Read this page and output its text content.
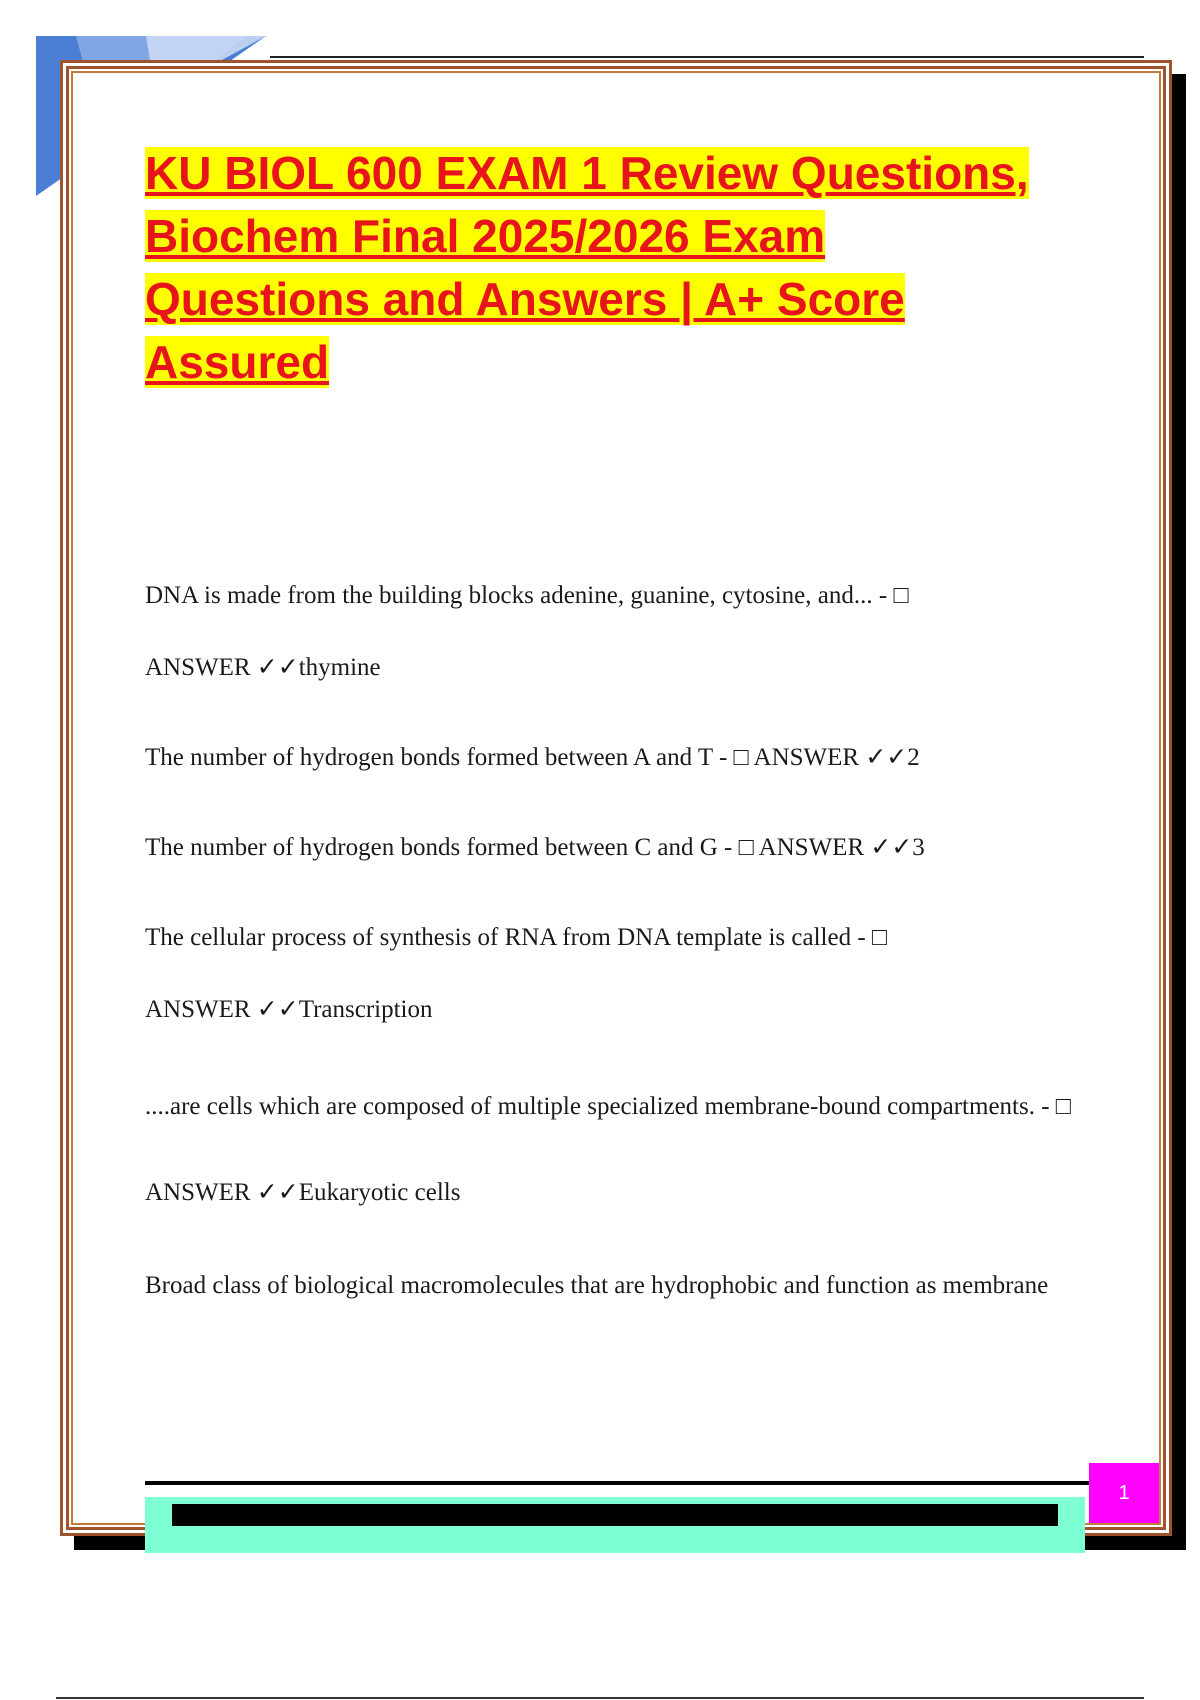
KU BIOL 600 EXAM 1 Review Questions,
Biochem Final 2025/2026 Exam
Questions and Answers | A+ Score
Assured

DNA is made from the building blocks adenine, guanine, cytosine, and... - □
ANSWER ✓✓thymine

The number of hydrogen bonds formed between A and T - □ ANSWER ✓✓2

The number of hydrogen bonds formed between C and G - □ ANSWER ✓✓3

The cellular process of synthesis of RNA from DNA template is called - □
ANSWER ✓✓Transcription

....are cells which are composed of multiple specialized membrane-bound compartments. - □ ANSWER ✓✓Eukaryotic cells

Broad class of biological macromolecules that are hydrophobic and function as membrane

1
